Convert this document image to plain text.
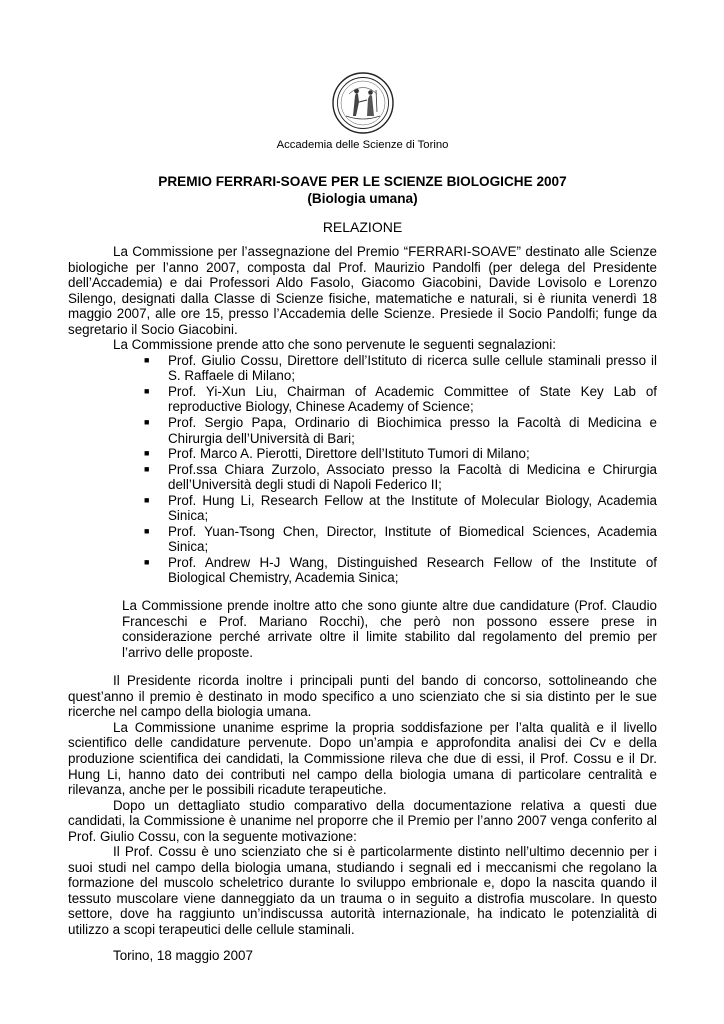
Accademia delle Scienze di Torino
PREMIO FERRARI-SOAVE PER LE SCIENZE BIOLOGICHE 2007
(Biologia umana)
RELAZIONE

La Commissione per l’assegnazione del Premio “FERRARI-SOAVE” destinato alle Scienze biologiche per l’anno 2007, composta dal Prof. Maurizio Pandolfi (per delega del Presidente dell’Accademia) e dai Professori Aldo Fasolo, Giacomo Giacobini, Davide Lovisolo e Lorenzo Silengo, designati dalla Classe di Scienze fisiche, matematiche e naturali, si è riunita venerdì 18 maggio 2007, alle ore 15, presso l’Accademia delle Scienze. Presiede il Socio Pandolfi; funge da segretario il Socio Giacobini.

La Commissione prende atto che sono pervenute le seguenti segnalazioni:

■ Prof. Giulio Cossu, Direttore dell’Istituto di ricerca sulle cellule staminali presso il S. Raffaele di Milano;
■ Prof. Yi-Xun Liu, Chairman of Academic Committee of State Key Lab of reproductive Biology, Chinese Academy of Science;
■ Prof. Sergio Papa, Ordinario di Biochimica presso la Facoltà di Medicina e Chirurgia dell’Università di Bari;
■ Prof. Marco A. Pierotti, Direttore dell’Istituto Tumori di Milano;
■ Prof.ssa Chiara Zurzolo, Associato presso la Facoltà di Medicina e Chirurgia dell’Università degli studi di Napoli Federico II;
■ Prof. Hung Li, Research Fellow at the Institute of Molecular Biology, Academia Sinica;
■ Prof. Yuan-Tsong Chen, Director, Institute of Biomedical Sciences, Academia Sinica;
■ Prof. Andrew H-J Wang, Distinguished Research Fellow of the Institute of Biological Chemistry, Academia Sinica;

La Commissione prende inoltre atto che sono giunte altre due candidature (Prof. Claudio Franceschi e Prof. Mariano Rocchi), che però non possono essere prese in considerazione perché arrivate oltre il limite stabilito dal regolamento del premio per l’arrivo delle proposte.

Il Presidente ricorda inoltre i principali punti del bando di concorso, sottolineando che quest’anno il premio è destinato in modo specifico a uno scienziato che si sia distinto per le sue ricerche nel campo della biologia umana.

La Commissione unanime esprime la propria soddisfazione per l’alta qualità e il livello scientifico delle candidature pervenute. Dopo un’ampia e approfondita analisi dei Cv e della produzione scientifica dei candidati, la Commissione rileva che due di essi, il Prof. Cossu e il Dr. Hung Li, hanno dato dei contributi nel campo della biologia umana di particolare centralità e rilevanza, anche per le possibili ricadute terapeutiche.

Dopo un dettagliato studio comparativo della documentazione relativa a questi due candidati, la Commissione è unanime nel proporre che il Premio per l’anno 2007 venga conferito al Prof. Giulio Cossu, con la seguente motivazione:

Il Prof. Cossu è uno scienziato che si è particolarmente distinto nell’ultimo decennio per i suoi studi nel campo della biologia umana, studiando i segnali ed i meccanismi che regolano la formazione del muscolo scheletrico durante lo sviluppo embrionale e, dopo la nascita quando il tessuto muscolare viene danneggiato da un trauma o in seguito a distrofia muscolare. In questo settore, dove ha raggiunto un’indiscussa autorità internazionale, ha indicato le potenzialità di utilizzo a scopi terapeutici delle cellule staminali.

Torino, 18 maggio 2007
